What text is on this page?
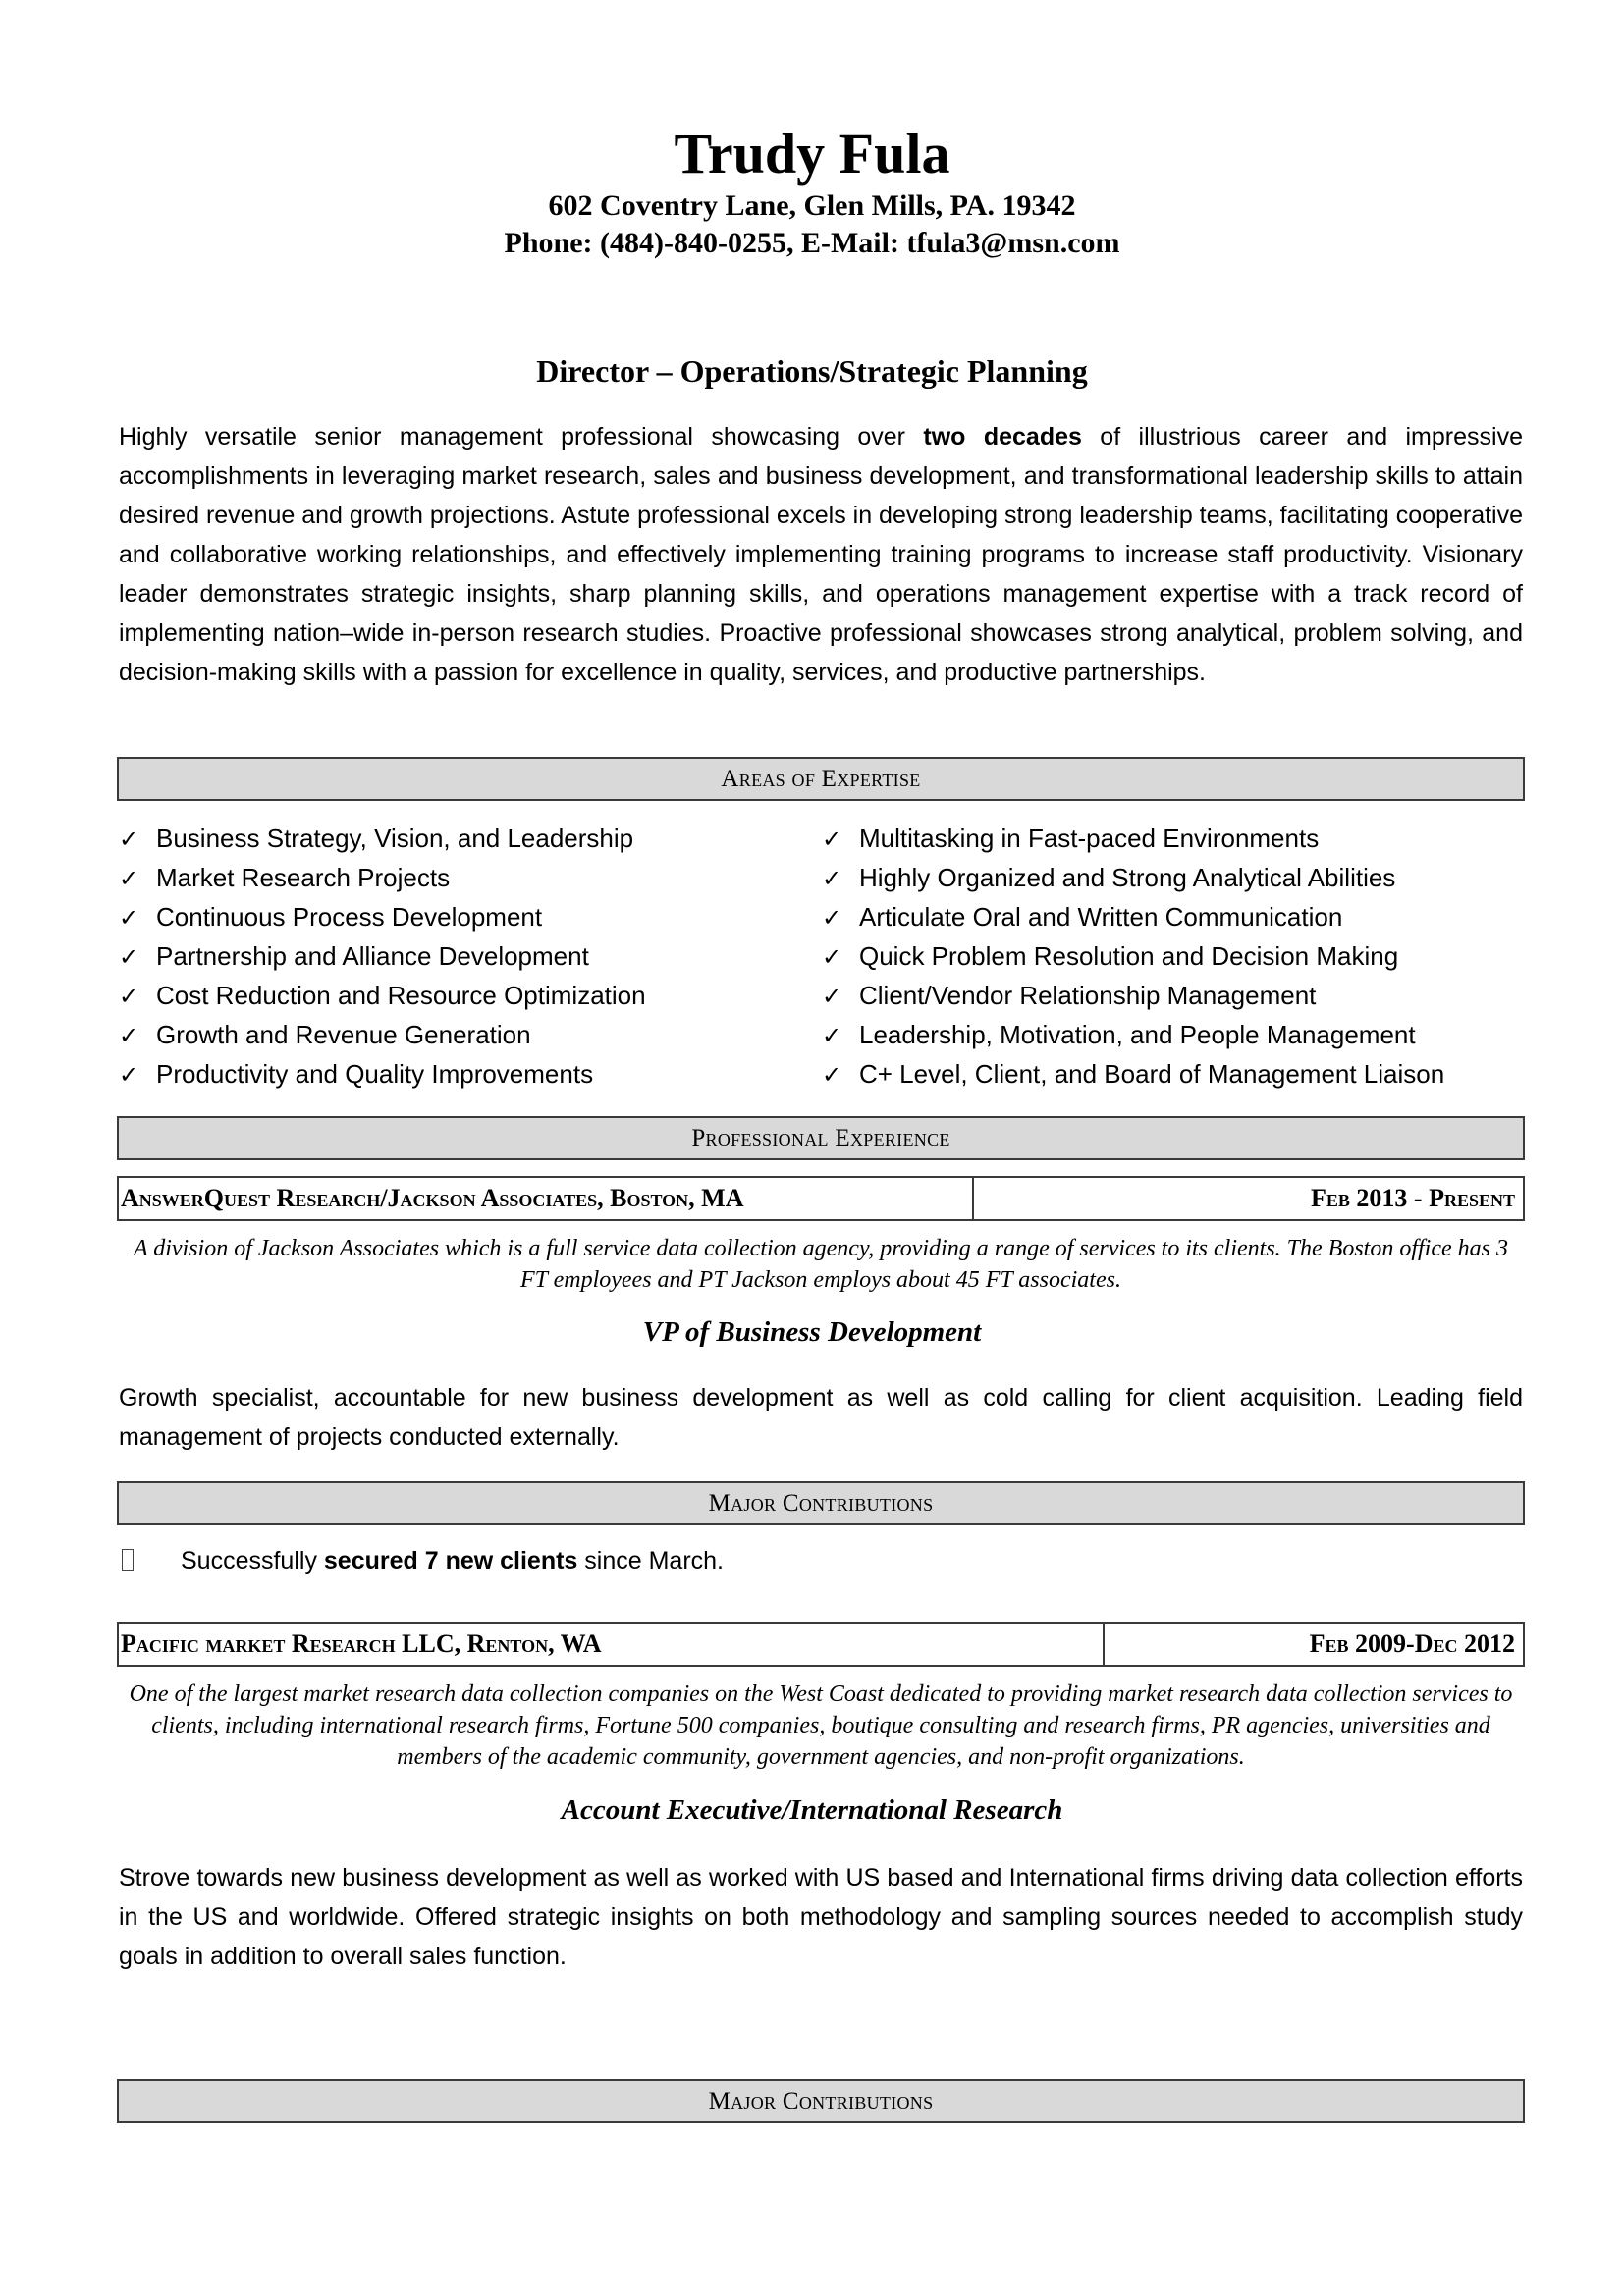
Trudy Fula
602 Coventry Lane, Glen Mills, PA. 19342
Phone: (484)-840-0255, E-Mail: tfula3@msn.com
Director – Operations/Strategic Planning
Highly versatile senior management professional showcasing over two decades of illustrious career and impressive accomplishments in leveraging market research, sales and business development, and transformational leadership skills to attain desired revenue and growth projections. Astute professional excels in developing strong leadership teams, facilitating cooperative and collaborative working relationships, and effectively implementing training programs to increase staff productivity. Visionary leader demonstrates strategic insights, sharp planning skills, and operations management expertise with a track record of implementing nation–wide in-person research studies. Proactive professional showcases strong analytical, problem solving, and decision-making skills with a passion for excellence in quality, services, and productive partnerships.
Areas of Expertise
✓ Business Strategy, Vision, and Leadership
✓ Market Research Projects
✓ Continuous Process Development
✓ Partnership and Alliance Development
✓ Cost Reduction and Resource Optimization
✓ Growth and Revenue Generation
✓ Productivity and Quality Improvements
✓ Multitasking in Fast-paced Environments
✓ Highly Organized and Strong Analytical Abilities
✓ Articulate Oral and Written Communication
✓ Quick Problem Resolution and Decision Making
✓ Client/Vendor Relationship Management
✓ Leadership, Motivation, and People Management
✓ C+ Level, Client, and Board of Management Liaison
Professional Experience
AnswerQuest Research/Jackson Associates, Boston, MA	Feb 2013 - Present
A division of Jackson Associates which is a full service data collection agency, providing a range of services to its clients. The Boston office has 3 FT employees and PT Jackson employs about 45 FT associates.
VP of Business Development
Growth specialist, accountable for new business development as well as cold calling for client acquisition. Leading field management of projects conducted externally.
Major Contributions
Successfully secured 7 new clients since March.
Pacific market Research LLC, Renton, WA	Feb 2009-Dec 2012
One of the largest market research data collection companies on the West Coast dedicated to providing market research data collection services to clients, including international research firms, Fortune 500 companies, boutique consulting and research firms, PR agencies, universities and members of the academic community, government agencies, and non-profit organizations.
Account Executive/International Research
Strove towards new business development as well as worked with US based and International firms driving data collection efforts in the US and worldwide. Offered strategic insights on both methodology and sampling sources needed to accomplish study goals in addition to overall sales function.
Major Contributions
